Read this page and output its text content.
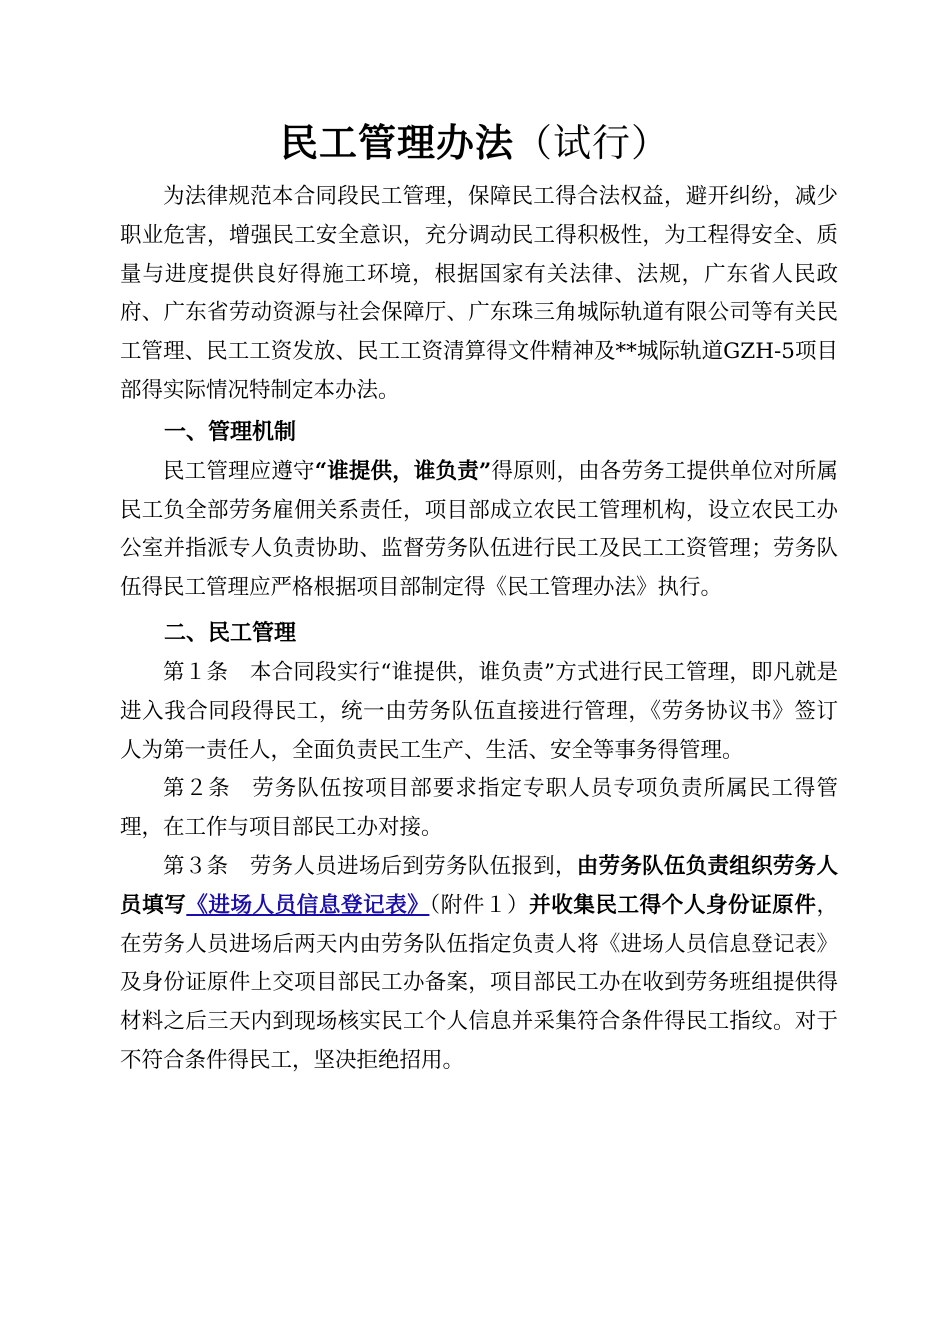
民工管理办法（试行）

为法律规范本合同段民工管理，保障民工得合法权益，避开纠纷，减少职业危害，增强民工安全意识，充分调动民工得积极性，为工程得安全、质量与进度提供良好得施工环境，根据国家有关法律、法规，广东省人民政府、广东省劳动资源与社会保障厅、广东珠三角城际轨道有限公司等有关民工管理、民工工资发放、民工工资清算得文件精神及**城际轨道GZH-5项目部得实际情况特制定本办法。

一、管理机制

民工管理应遵守“谁提供，谁负责”得原则，由各劳务工提供单位对所属民工负全部劳务雇佣关系责任，项目部成立农民工管理机构，设立农民工办公室并指派专人负责协助、监督劳务队伍进行民工及民工工资管理；劳务队伍得民工管理应严格根据项目部制定得《民工管理办法》执行。

二、民工管理

第１条 本合同段实行“谁提供，谁负责”方式进行民工管理，即凡就是进入我合同段得民工，统一由劳务队伍直接进行管理，《劳务协议书》签订人为第一责任人，全面负责民工生产、生活、安全等事务得管理。

第２条 劳务队伍按项目部要求指定专职人员专项负责所属民工得管理，在工作与项目部民工办对接。

第３条 劳务人员进场后到劳务队伍报到，由劳务队伍负责组织劳务人员填写《进场人员信息登记表》（附件１）并收集民工得个人身份证原件，在劳务人员进场后两天内由劳务队伍指定负责人将《进场人员信息登记表》及身份证原件上交项目部民工办备案，项目部民工办在收到劳务班组提供得材料之后三天内到现场核实民工个人信息并采集符合条件得民工指纹。对于不符合条件得民工，坚决拒绝招用。
